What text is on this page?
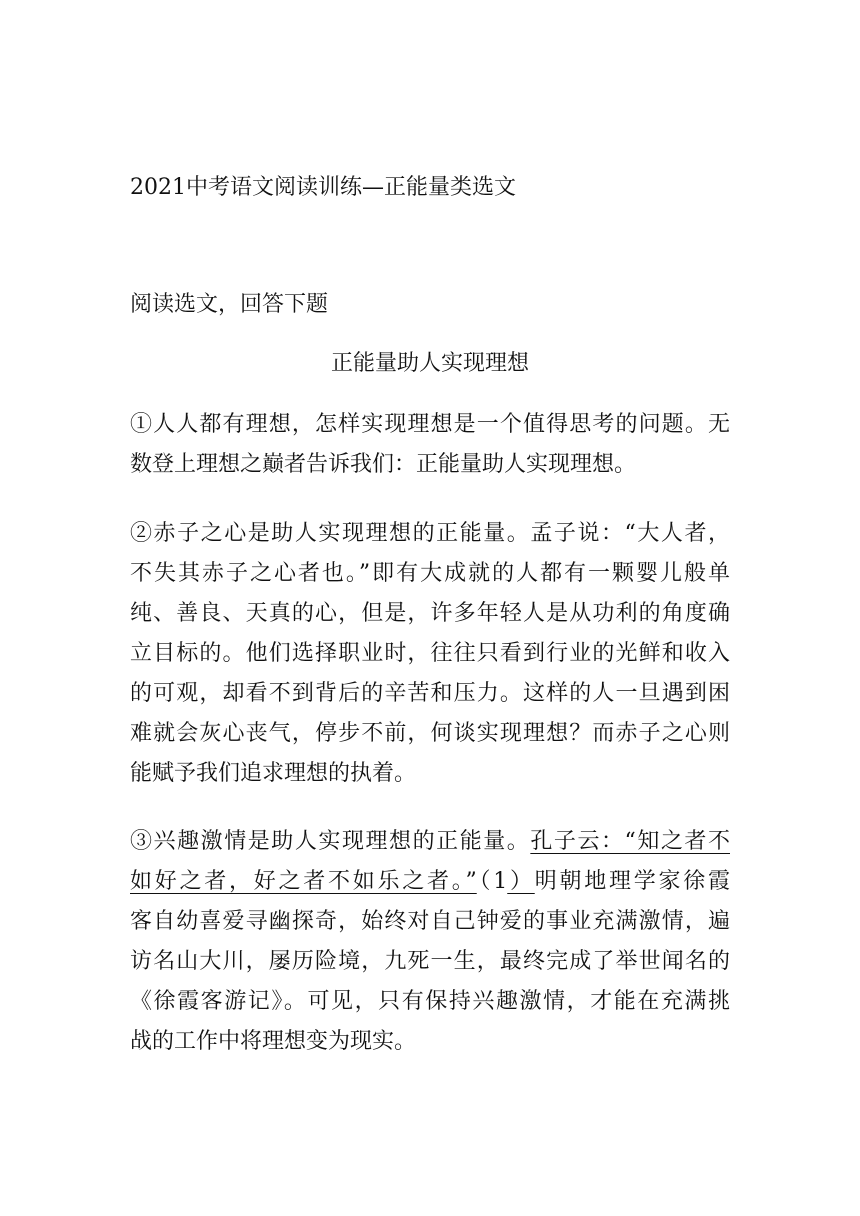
2021中考语文阅读训练—正能量类选文
阅读选文，回答下题
正能量助人实现理想
①人人都有理想，怎样实现理想是一个值得思考的问题。无
数登上理想之巅者告诉我们：正能量助人实现理想。
②赤子之心是助人实现理想的正能量。孟子说：“大人者，
不失其赤子之心者也。”即有大成就的人都有一颗婴儿般单
纯、善良、天真的心，但是，许多年轻人是从功利的角度确
立目标的。他们选择职业时，往往只看到行业的光鲜和收入
的可观，却看不到背后的辛苦和压力。这样的人一旦遇到困
难就会灰心丧气，停步不前，何谈实现理想？而赤子之心则
能赋予我们追求理想的执着。
③兴趣激情是助人实现理想的正能量。孔子云：“知之者不
如好之者，好之者不如乐之者。”（1）明朝地理学家徐霞
客自幼喜爱寻幽探奇，始终对自己钟爱的事业充满激情，遍
访名山大川，屡历险境，九死一生，最终完成了举世闻名的
《徐霞客游记》。可见，只有保持兴趣激情，才能在充满挑
战的工作中将理想变为现实。
